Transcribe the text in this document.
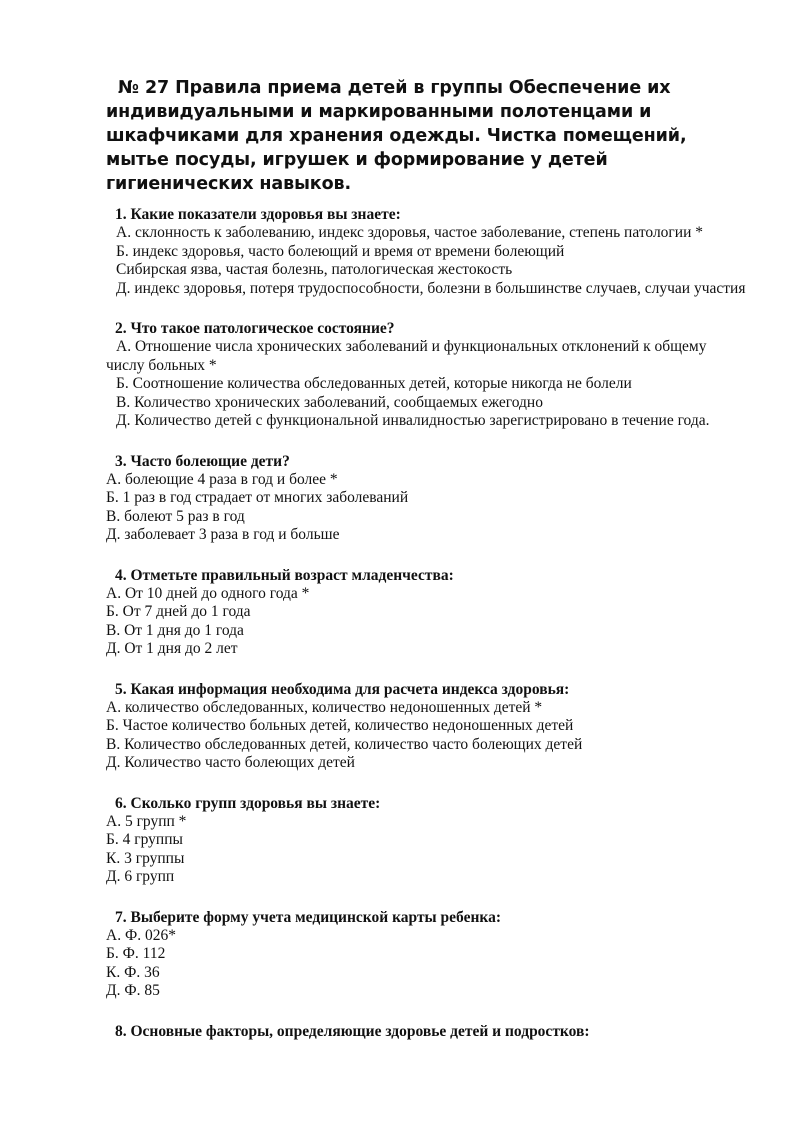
№ 27 Правила приема детей в группы Обеспечение их индивидуальными и маркированными полотенцами и шкафчиками для хранения одежды. Чистка помещений, мытье посуды, игрушек и формирование у детей гигиенических навыков.

1. Какие показатели здоровья вы знаете:

А. склонность к заболеванию, индекс здоровья, частое заболевание, степень патологии *

Б. индекс здоровья, часто болеющий и время от времени болеющий

Сибирская язва, частая болезнь, патологическая жестокость

Д. индекс здоровья, потеря трудоспособности, болезни в большинстве случаев, случаи участия

2. Что такое патологическое состояние?

А. Отношение числа хронических заболеваний и функциональных отклонений к общему числу больных *

Б. Соотношение количества обследованных детей, которые никогда не болели

В. Количество хронических заболеваний, сообщаемых ежегодно

Д. Количество детей с функциональной инвалидностью зарегистрировано в течение года.

3. Часто болеющие дети?

А. болеющие 4 раза в год и более *

Б. 1 раз в год страдает от многих заболеваний

В. болеют 5 раз в год

Д. заболевает 3 раза в год и больше

4. Отметьте правильный возраст младенчества:

А. От 10 дней до одного года *

Б. От 7 дней до 1 года

В. От 1 дня до 1 года

Д. От 1 дня до 2 лет

5. Какая информация необходима для расчета индекса здоровья:

А. количество обследованных, количество недоношенных детей *

Б. Частое количество больных детей, количество недоношенных детей

В. Количество обследованных детей, количество часто болеющих детей

Д. Количество часто болеющих детей

6. Сколько групп здоровья вы знаете:

А. 5 групп *

Б. 4 группы

К. 3 группы

Д. 6 групп

7. Выберите форму учета медицинской карты ребенка:

А. Ф. 026*

Б. Ф. 112

К. Ф. 36

Д. Ф. 85

8. Основные факторы, определяющие здоровье детей и подростков:
